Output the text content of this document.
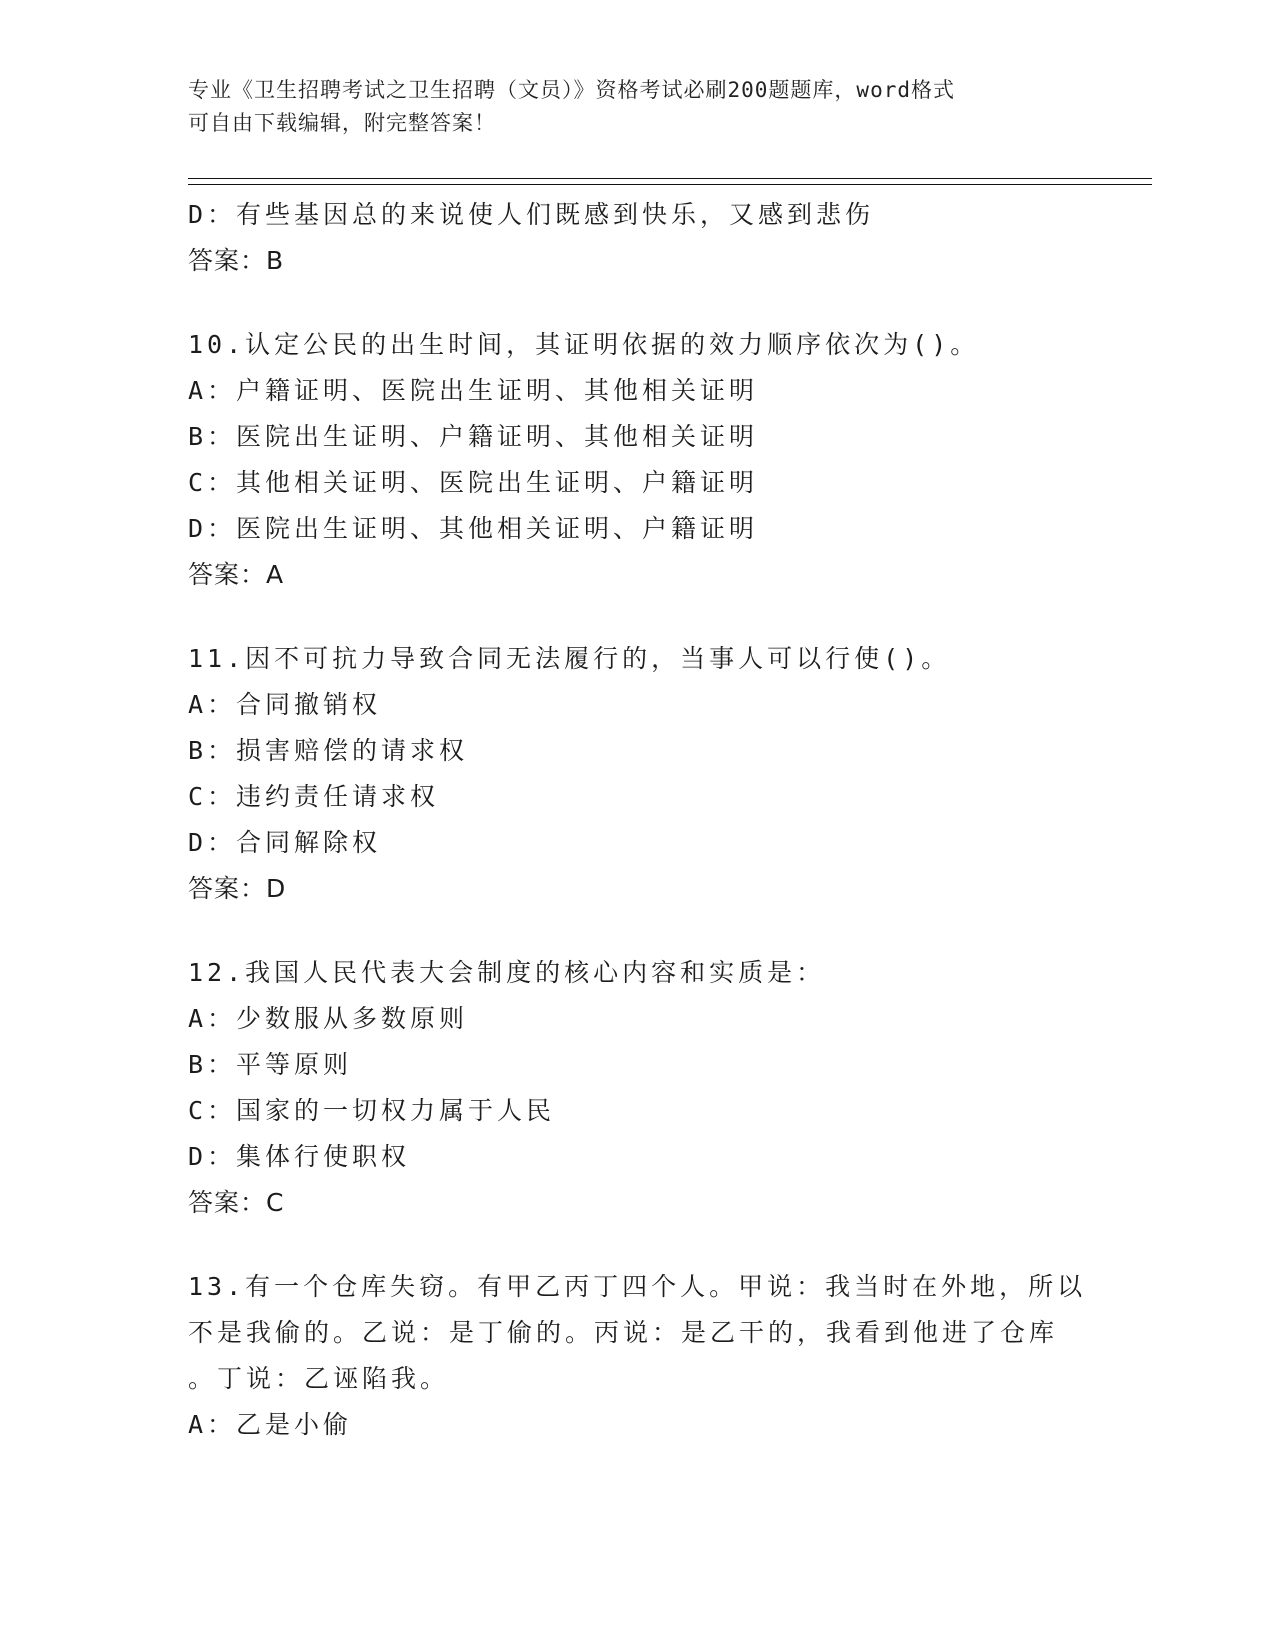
专业《卫生招聘考试之卫生招聘（文员）》资格考试必刷200题题库，word格式
可自由下载编辑，附完整答案！
D：有些基因总的来说使人们既感到快乐，又感到悲伤
答案：B
10.认定公民的出生时间，其证明依据的效力顺序依次为()。
A：户籍证明、医院出生证明、其他相关证明
B：医院出生证明、户籍证明、其他相关证明
C：其他相关证明、医院出生证明、户籍证明
D：医院出生证明、其他相关证明、户籍证明
答案：A
11.因不可抗力导致合同无法履行的，当事人可以行使()。
A：合同撤销权
B：损害赔偿的请求权
C：违约责任请求权
D：合同解除权
答案：D
12.我国人民代表大会制度的核心内容和实质是：
A：少数服从多数原则
B：平等原则
C：国家的一切权力属于人民
D：集体行使职权
答案：C
13.有一个仓库失窃。有甲乙丙丁四个人。甲说：我当时在外地，所以
不是我偷的。乙说：是丁偷的。丙说：是乙干的，我看到他进了仓库
。丁说：乙诬陷我。
A：乙是小偷
